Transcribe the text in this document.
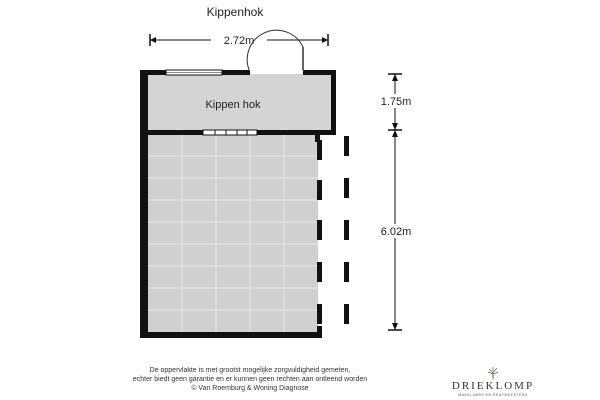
2.72m
Kippen hok	1.75m
6.02m
Kippenhok
De oppervlakte is met grootst mogelijke zorgvuldigheid gemeten,
echter biedt geen garantie en er kunnen geen rechten aan ontleend worden
© Van Roemburg & Woning Diagnose	DRIEKLOMP
MAKELAARS EN RENTMEESTERS
